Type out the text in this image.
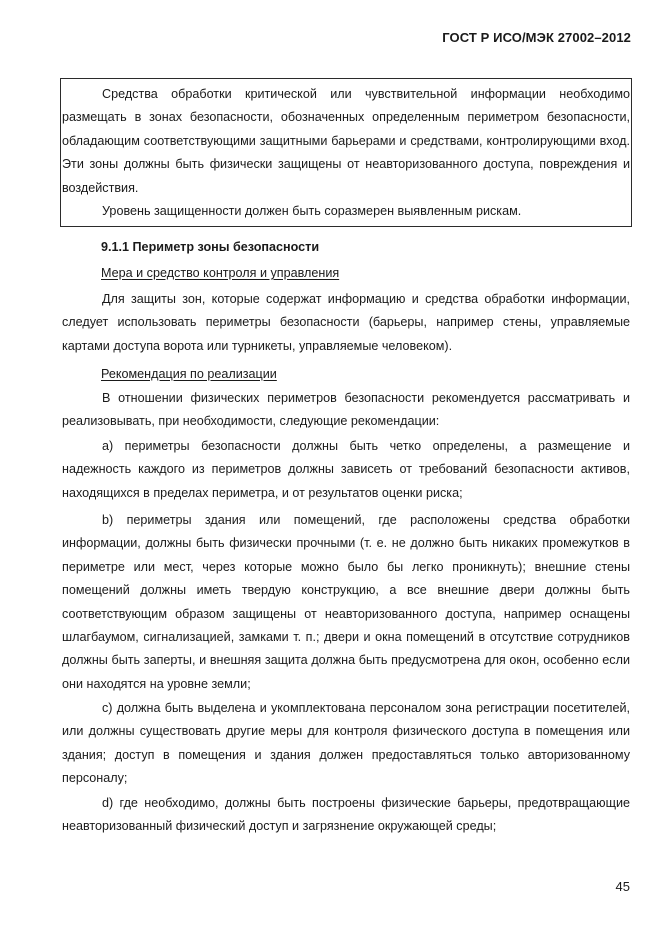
ГОСТ Р ИСО/МЭК 27002–2012

Средства обработки критической или чувствительной информации необходимо размещать в зонах безопасности, обозначенных определенным периметром безопасности, обладающим соответствующими защитными барьерами и средствами, контролирующими вход. Эти зоны должны быть физически защищены от неавторизованного доступа, повреждения и воздействия.

Уровень защищенности должен быть соразмерен выявленным рискам.

9.1.1 Периметр зоны безопасности
Мера и средство контроля и управления

Для защиты зон, которые содержат информацию и средства обработки информации, следует использовать периметры безопасности (барьеры, например стены, управляемые картами доступа ворота или турникеты, управляемые человеком).

Рекомендация по реализации

В отношении физических периметров безопасности рекомендуется рассматривать и реализовывать, при необходимости, следующие рекомендации:

а) периметры безопасности должны быть четко определены, а размещение и надежность каждого из периметров должны зависеть от требований безопасности активов, находящихся в пределах периметра, и от результатов оценки риска;

b) периметры здания или помещений, где расположены средства обработки информации, должны быть физически прочными (т. е. не должно быть никаких промежутков в периметре или мест, через которые можно было бы легко проникнуть); внешние стены помещений должны иметь твердую конструкцию, а все внешние двери должны быть соответствующим образом защищены от неавторизованного доступа, например оснащены шлагбаумом, сигнализацией, замками т. п.; двери и окна помещений в отсутствие сотрудников должны быть заперты, и внешняя защита должна быть предусмотрена для окон, особенно если они находятся на уровне земли;

c) должна быть выделена и укомплектована персоналом зона регистрации посетителей, или должны существовать другие меры для контроля физического доступа в помещения или здания; доступ в помещения и здания должен предоставляться только авторизованному персоналу;

d) где необходимо, должны быть построены физические барьеры, предотвращающие неавторизованный физический доступ и загрязнение окружающей среды;

45
